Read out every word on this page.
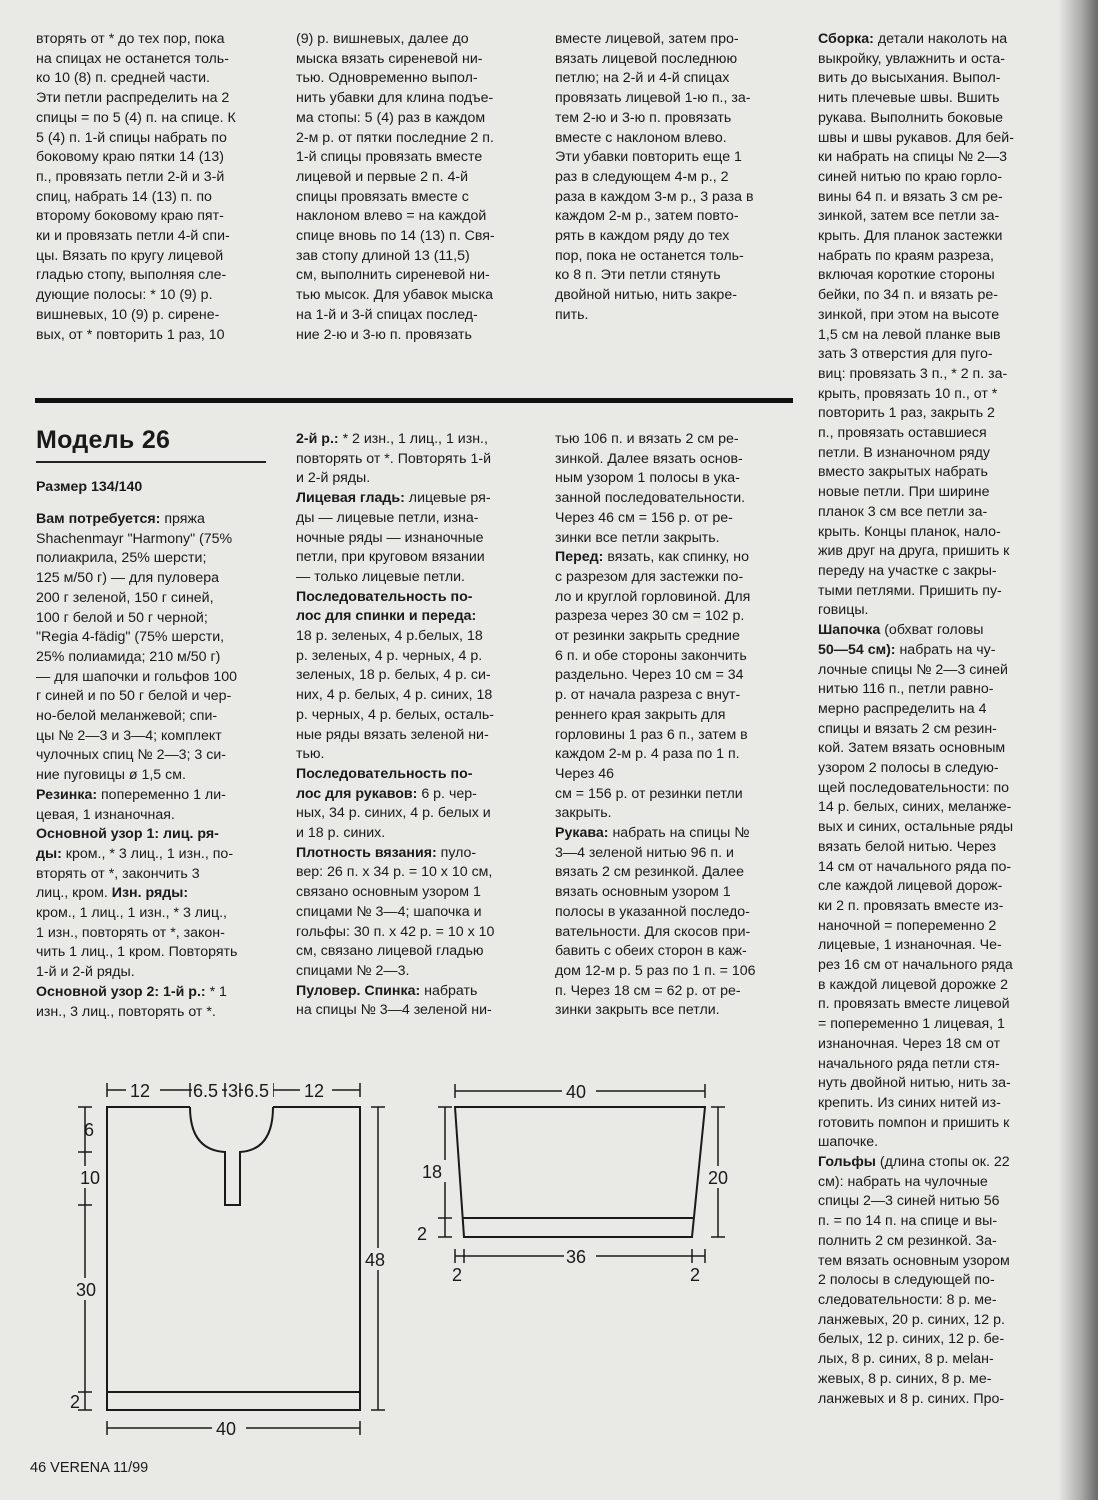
вторять от * до тех пор, пока

на спицах не останется толь-

ко 10 (8) п. средней части.

Эти петли распределить на 2

спицы = по 5 (4) п. на спице. К

5 (4) п. 1-й спицы набрать по

боковому краю пятки 14 (13)

п., провязать петли 2-й и 3-й

спиц, набрать 14 (13) п. по

второму боковому краю пят-

ки и провязать петли 4-й спи-

цы. Вязать по кругу лицевой

гладью стопу, выполняя сле-

дующие полосы: * 10 (9) р.

вишневых, 10 (9) р. сирене-

вых, от * повторить 1 раз, 10

(9) р. вишневых, далее до

мыска вязать сиреневой ни-

тью. Одновременно выпол-

нить убавки для клина подъе-

ма стопы: 5 (4) раз в каждом

2-м р. от пятки последние 2 п.

1-й спицы провязать вместе

лицевой и первые 2 п. 4-й

спицы провязать вместе с

наклоном влево = на каждой

спице вновь по 14 (13) п. Свя-

зав стопу длиной 13 (11,5)

см, выполнить сиреневой ни-

тью мысок. Для убавок мыска

на 1-й и 3-й спицах послед-

ние 2-ю и 3-ю п. провязать

вместе лицевой, затем про-

вязать лицевой последнюю

петлю; на 2-й и 4-й спицах

провязать лицевой 1-ю п., за-

тем 2-ю и 3-ю п. провязать

вместе с наклоном влево.

Эти убавки повторить еще 1

раз в следующем 4-м р., 2

раза в каждом 3-м р., 3 раза в

каждом 2-м р., затем повто-

рять в каждом ряду до тех

пор, пока не останется толь-

ко 8 п. Эти петли стянуть

двойной нитью, нить закре-

пить.

Модель 26
Размер 134/140

Вам потребуется: пряжа

Shachenmayr "Harmony" (75%

полиакрила, 25% шерсти;

125 м/50 г) — для пуловера

200 г зеленой, 150 г синей,

100 г белой и 50 г черной;

"Regia 4-fädig" (75% шерсти,

25% полиамида; 210 м/50 г)

— для шапочки и гольфов 100

г синей и по 50 г белой и чер-

но-белой меланжевой; спи-

цы № 2—3 и 3—4; комплект

чулочных спиц № 2—3; 3 си-

ние пуговицы ø 1,5 см.

Резинка: попеременно 1 ли-

цевая, 1 изнаночная.

Основной узор 1: лиц. ря-

ды: кром., * 3 лиц., 1 изн., по-

вторять от *, закончить 3

лиц., кром. Изн. ряды:

кром., 1 лиц., 1 изн., * 3 лиц.,

1 изн., повторять от *, закон-

чить 1 лиц., 1 кром. Повторять

1-й и 2-й ряды.

Основной узор 2: 1-й р.: * 1

изн., 3 лиц., повторять от *.

2-й р.: * 2 изн., 1 лиц., 1 изн.,

повторять от *. Повторять 1-й

и 2-й ряды.

Лицевая гладь: лицевые ря-

ды — лицевые петли, изна-

ночные ряды — изнаночные

петли, при круговом вязании

— только лицевые петли.

Последовательность по-

лос для спинки и переда:

18 р. зеленых, 4 р.белых, 18

р. зеленых, 4 р. черных, 4 р.

зеленых, 18 р. белых, 4 р. си-

них, 4 р. белых, 4 р. синих, 18

р. черных, 4 р. белых, осталь-

ные ряды вязать зеленой ни-

тью.

Последовательность по-

лос для рукавов: 6 р. чер-

ных, 34 р. синих, 4 р. белых и

и 18 р. синих.

Плотность вязания: пуло-

вер: 26 п. х 34 р. = 10 х 10 см,

связано основным узором 1

спицами № 3—4; шапочка и

гольфы: 30 п. х 42 р. = 10 х 10

см, связано лицевой гладью

спицами № 2—3.

Пуловер. Спинка: набрать

на спицы № 3—4 зеленой ни-

тью 106 п. и вязать 2 см ре-

зинкой. Далее вязать основ-

ным узором 1 полосы в ука-

занной последовательности.

Через 46 см = 156 р. от ре-

зинки все петли закрыть.

Перед: вязать, как спинку, но

с разрезом для застежки по-

ло и круглой горловиной. Для

разреза через 30 см = 102 р.

от резинки закрыть средние

6 п. и обе стороны закончить

раздельно. Через 10 см = 34

р. от начала разреза с внут-

реннего края закрыть для

горловины 1 раз 6 п., затем в

каждом 2-м р. 4 раза по 1 п.

Через 46

см = 156 р. от резинки петли

закрыть.

Рукава: набрать на спицы №

3—4 зеленой нитью 96 п. и

вязать 2 см резинкой. Далее

вязать основным узором 1

полосы в указанной последо-

вательности. Для скосов при-

бавить с обеих сторон в каж-

дом 12-м р. 5 раз по 1 п. = 106

п. Через 18 см = 62 р. от ре-

зинки закрыть все петли.

Сборка: детали наколоть на

выкройку, увлажнить и оста-

вить до высыхания. Выпол-

нить плечевые швы. Вшить

рукава. Выполнить боковые

швы и швы рукавов. Для бей-

ки набрать на спицы № 2—3

синей нитью по краю горло-

вины 64 п. и вязать 3 см ре-

зинкой, затем все петли за-

крыть. Для планок застежки

набрать по краям разреза,

включая короткие стороны

бейки, по 34 п. и вязать ре-

зинкой, при этом на высоте

1,5 см на левой планке выв

зать 3 отверстия для пуго-

виц: провязать 3 п., * 2 п. за-

крыть, провязать 10 п., от *

повторить 1 раз, закрыть 2

п., провязать оставшиеся

петли. В изнаночном ряду

вместо закрытых набрать

новые петли. При ширине

планок 3 см все петли за-

крыть. Концы планок, нало-

жив друг на друга, пришить к

переду на участке с закры-

тыми петлями. Пришить пу-

говицы.

Шапочка (обхват головы

50—54 см): набрать на чу-

лочные спицы № 2—3 синей

нитью 116 п., петли равно-

мерно распределить на 4

спицы и вязать 2 см резин-

кой. Затем вязать основным

узором 2 полосы в следую-

щей последовательности: по

14 р. белых, синих, меланже-

вых и синих, остальные ряды

вязать белой нитью. Через

14 см от начального ряда по-

сле каждой лицевой дорож-

ки 2 п. провязать вместе из-

наночной = попеременно 2

лицевые, 1 изнаночная. Че-

рез 16 см от начального ряда

в каждой лицевой дорожке 2

п. провязать вместе лицевой

= попеременно 1 лицевая, 1

изнаночная. Через 18 см от

начального ряда петли стя-

нуть двойной нитью, нить за-

крепить. Из синих нитей из-

готовить помпон и пришить к

шапочке.

Гольфы (длина стопы ок. 22

см): набрать на чулочные

спицы 2—3 синей нитью 56

п. = по 14 п. на спице и вы-

полнить 2 см резинкой. За-

тем вязать основным узором

2 полосы в следующей по-

следовательности: 8 р. ме-

ланжевых, 20 р. синих, 12 р.

белых, 12 р. синих, 12 р. бе-

лых, 8 р. синих, 8 р. меlан-

жевых, 8 р. синих, 8 р. ме-

ланжевых и 8 р. синих. Про-

12 6.5 3 6.5 12
6
10
30
2
48
40
40
18
2
20
2
36
2
46 VERENA 11/99
